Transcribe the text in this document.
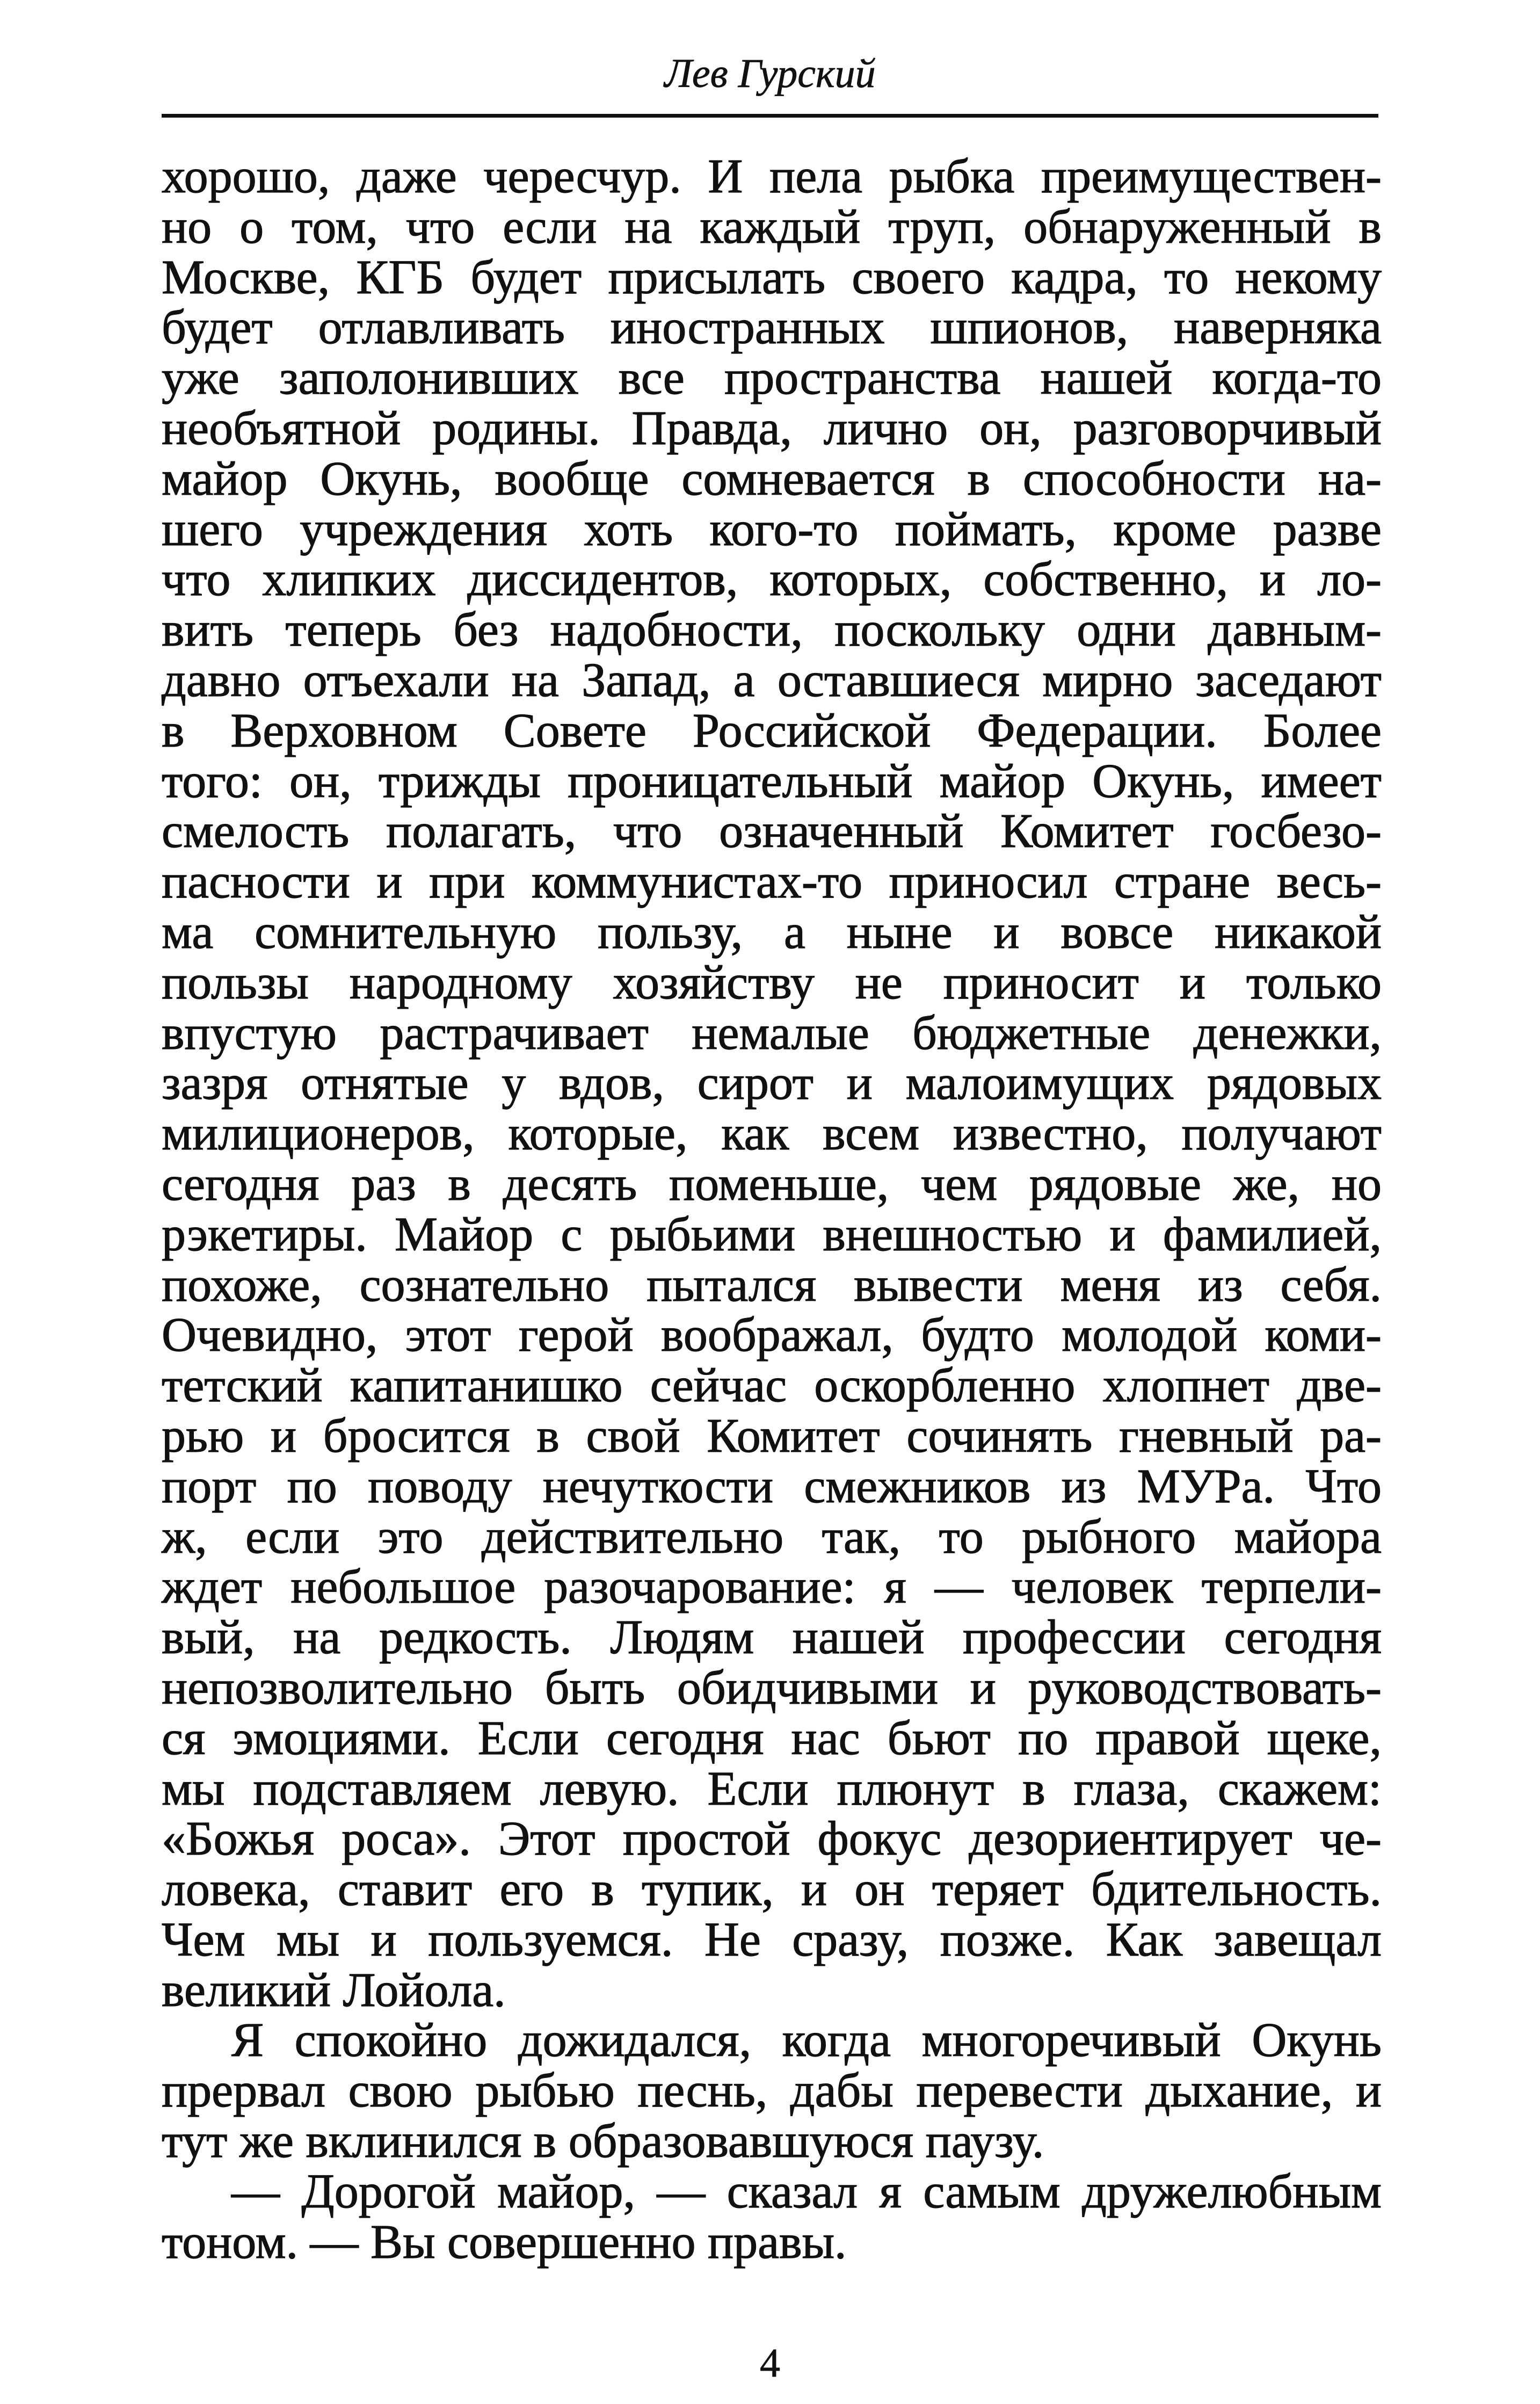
Лев Гурский
хорошо, даже чересчур. И пела рыбка преимуществен-
но о том, что если на каждый труп, обнаруженный в
Москве, КГБ будет присылать своего кадра, то некому
будет отлавливать иностранных шпионов, наверняка
уже заполонивших все пространства нашей когда-то
необъятной родины. Правда, лично он, разговорчивый
майор Окунь, вообще сомневается в способности на-
шего учреждения хоть кого-то поймать, кроме разве
что хлипких диссидентов, которых, собственно, и ло-
вить теперь без надобности, поскольку одни давным-
давно отъехали на Запад, а оставшиеся мирно заседают
в Верховном Совете Российской Федерации. Более
того: он, трижды проницательный майор Окунь, имеет
смелость полагать, что означенный Комитет госбезо-
пасности и при коммунистах-то приносил стране весь-
ма сомнительную пользу, а ныне и вовсе никакой
пользы народному хозяйству не приносит и только
впустую растрачивает немалые бюджетные денежки,
зазря отнятые у вдов, сирот и малоимущих рядовых
милиционеров, которые, как всем известно, получают
сегодня раз в десять поменьше, чем рядовые же, но
рэкетиры. Майор с рыбьими внешностью и фамилией,
похоже, сознательно пытался вывести меня из себя.
Очевидно, этот герой воображал, будто молодой коми-
тетский капитанишко сейчас оскорбленно хлопнет две-
рью и бросится в свой Комитет сочинять гневный ра-
порт по поводу нечуткости смежников из МУРа. Что
ж, если это действительно так, то рыбного майора
ждет небольшое разочарование: я — человек терпели-
вый, на редкость. Людям нашей профессии сегодня
непозволительно быть обидчивыми и руководствовать-
ся эмоциями. Если сегодня нас бьют по правой щеке,
мы подставляем левую. Если плюнут в глаза, скажем:
«Божья роса». Этот простой фокус дезориентирует че-
ловека, ставит его в тупик, и он теряет бдительность.
Чем мы и пользуемся. Не сразу, позже. Как завещал
великий Лойола.
Я спокойно дожидался, когда многоречивый Окунь
прервал свою рыбью песнь, дабы перевести дыхание, и
тут же вклинился в образовавшуюся паузу.
— Дорогой майор, — сказал я самым дружелюбным
тоном. — Вы совершенно правы.
4
